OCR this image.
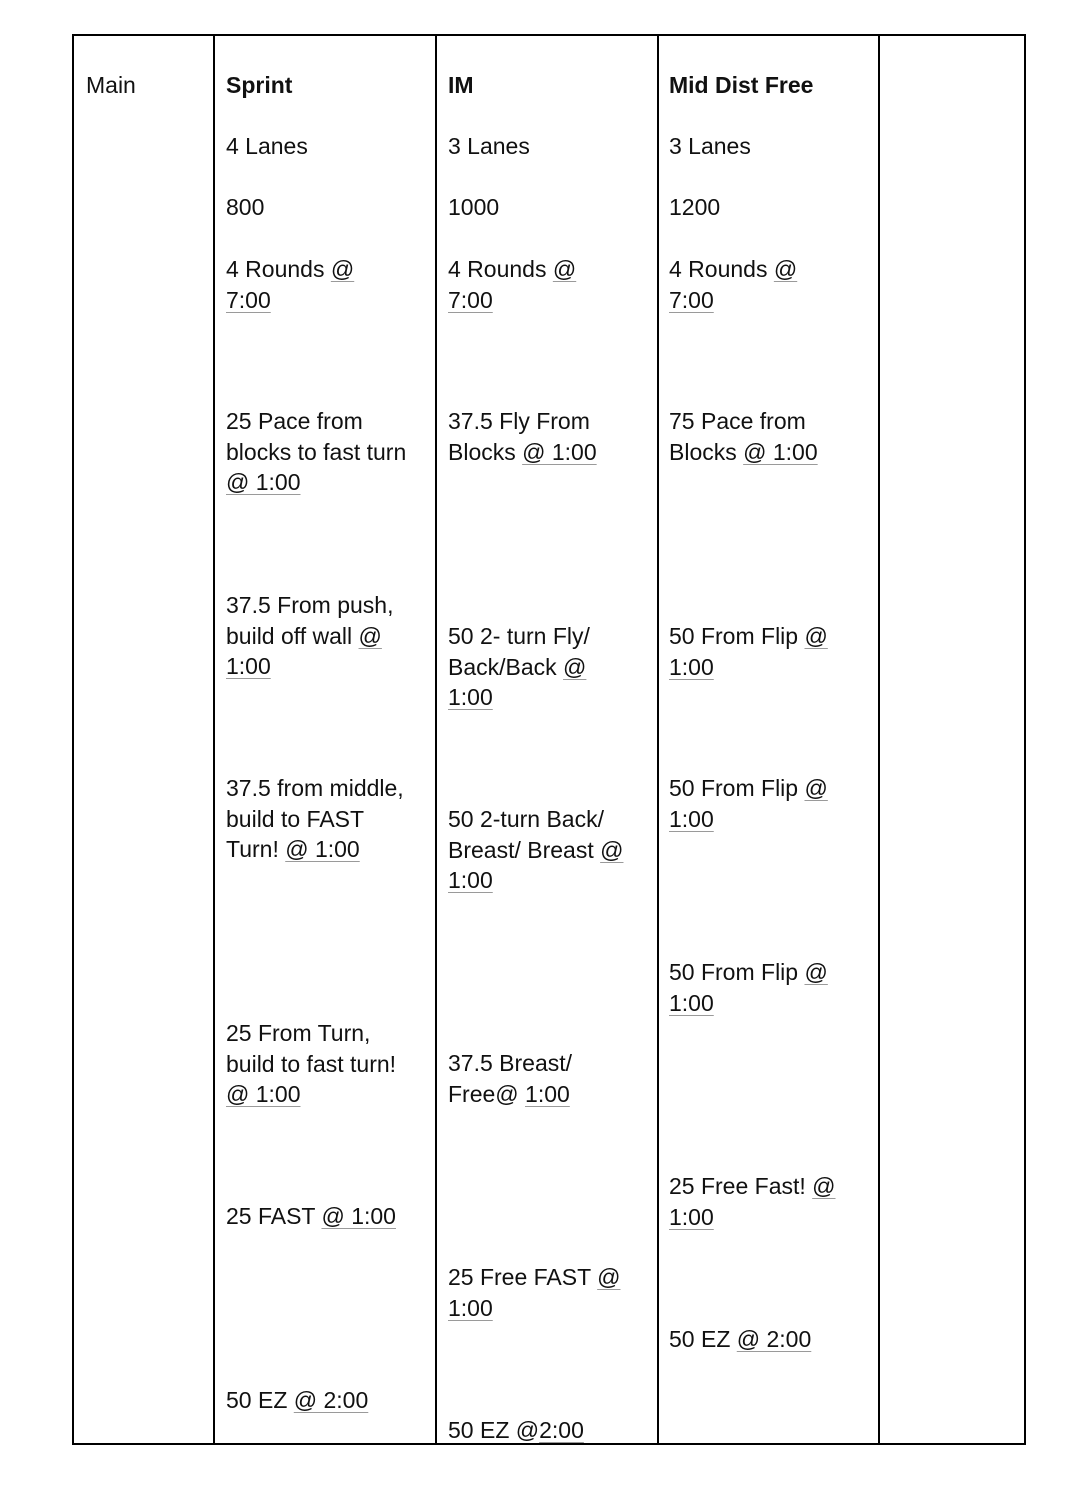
Main	Sprint

4 Lanes

800

4 Rounds @
7:00

25 Pace from
blocks to fast turn
@ 1:00

37.5 From push,
build off wall @
1:00

37.5 from middle,
build to FAST
Turn! @ 1:00

25 From Turn,
build to fast turn!
@ 1:00

25 FAST @ 1:00

50 EZ @ 2:00

IM

3 Lanes

1000

4 Rounds @
7:00

37.5 Fly From
Blocks @ 1:00

50 2- turn Fly/
Back/Back @
1:00

50 2-turn Back/
Breast/ Breast @
1:00

37.5 Breast/
Free@ 1:00

25 Free FAST @
1:00

50 EZ @2:00

Mid Dist Free

3 Lanes

1200

4 Rounds @
7:00

75 Pace from
Blocks @ 1:00

50 From Flip @
1:00

50 From Flip @
1:00

50 From Flip @
1:00

25 Free Fast! @
1:00

50 EZ @ 2:00
